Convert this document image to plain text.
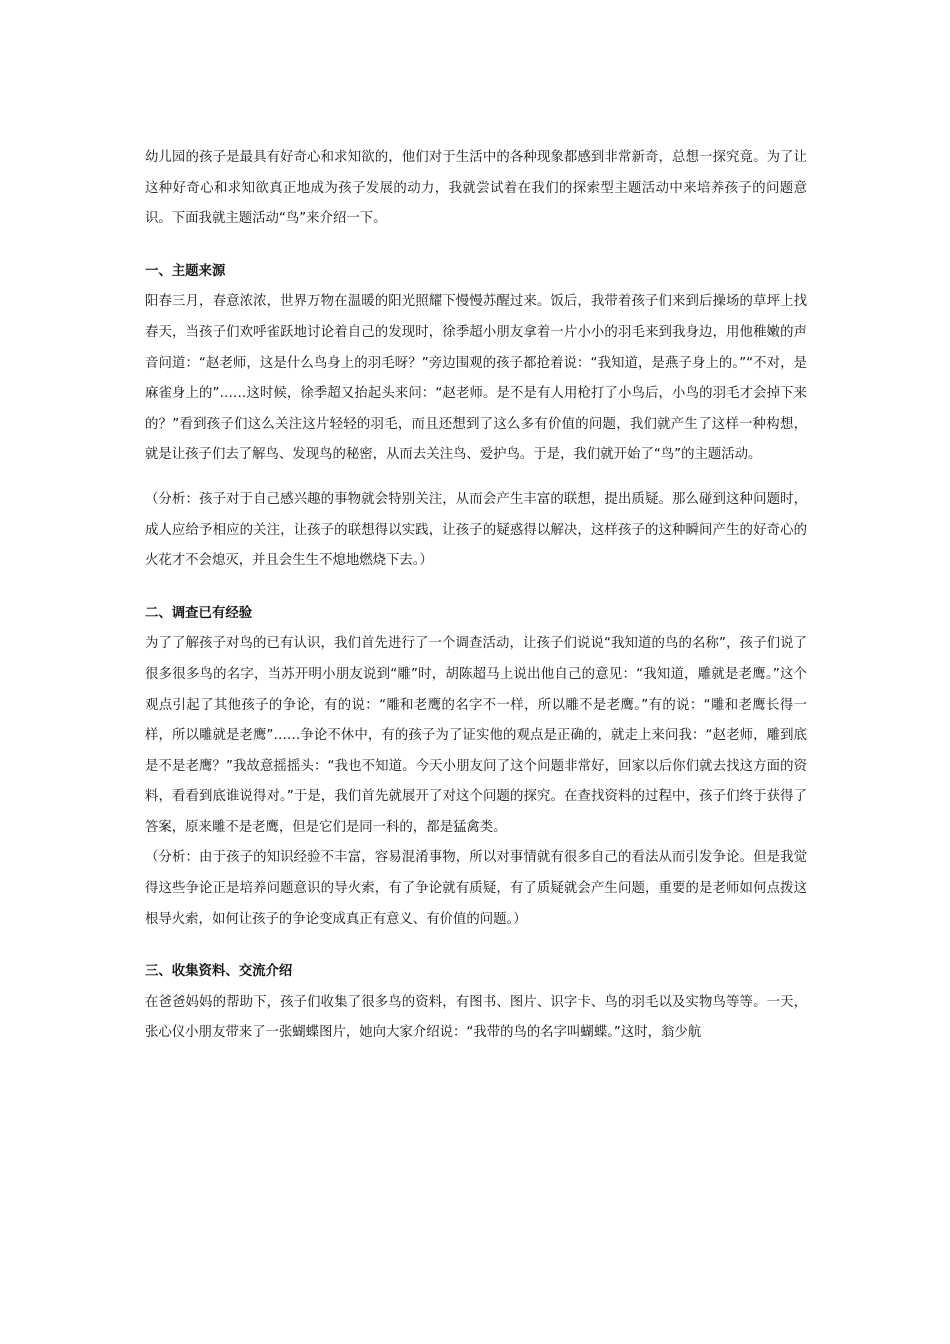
幼儿园的孩子是最具有好奇心和求知欲的，他们对于生活中的各种现象都感到非常新奇，总想一探究竟。为了让这种好奇心和求知欲真正地成为孩子发展的动力，我就尝试着在我们的探索型主题活动中来培养孩子的问题意识。下面我就主题活动“鸟”来介绍一下。

一、主题来源

阳春三月，春意浓浓，世界万物在温暖的阳光照耀下慢慢苏醒过来。饭后，我带着孩子们来到后操场的草坪上找春天，当孩子们欢呼雀跃地讨论着自己的发现时，徐季超小朋友拿着一片小小的羽毛来到我身边，用他稚嫩的声音问道：“赵老师，这是什么鸟身上的羽毛呀？”旁边围观的孩子都抢着说：“我知道，是燕子身上的。”“不对，是麻雀身上的”……这时候，徐季超又抬起头来问：“赵老师。是不是有人用枪打了小鸟后，小鸟的羽毛才会掉下来的？”看到孩子们这么关注这片轻轻的羽毛，而且还想到了这么多有价值的问题，我们就产生了这样一种构想，就是让孩子们去了解鸟、发现鸟的秘密，从而去关注鸟、爱护鸟。于是，我们就开始了“鸟”的主题活动。

（分析：孩子对于自己感兴趣的事物就会特别关注，从而会产生丰富的联想，提出质疑。那么碰到这种问题时，成人应给予相应的关注，让孩子的联想得以实践，让孩子的疑惑得以解决，这样孩子的这种瞬间产生的好奇心的火花才不会熄灭，并且会生生不熄地燃烧下去。）

二、调查已有经验

为了了解孩子对鸟的已有认识，我们首先进行了一个调查活动，让孩子们说说“我知道的鸟的名称”，孩子们说了很多很多鸟的名字，当苏开明小朋友说到“雕”时，胡陈超马上说出他自己的意见：“我知道，雕就是老鹰。”这个观点引起了其他孩子的争论，有的说：“雕和老鹰的名字不一样，所以雕不是老鹰。”有的说：“雕和老鹰长得一样，所以雕就是老鹰”……争论不休中，有的孩子为了证实他的观点是正确的，就走上来问我：“赵老师，雕到底是不是老鹰？”我故意摇摇头：“我也不知道。今天小朋友问了这个问题非常好，回家以后你们就去找这方面的资料，看看到底谁说得对。”于是，我们首先就展开了对这个问题的探究。在查找资料的过程中，孩子们终于获得了答案，原来雕不是老鹰，但是它们是同一科的，都是猛禽类。

（分析：由于孩子的知识经验不丰富，容易混淆事物，所以对事情就有很多自己的看法从而引发争论。但是我觉得这些争论正是培养问题意识的导火索，有了争论就有质疑，有了质疑就会产生问题，重要的是老师如何点拨这根导火索，如何让孩子的争论变成真正有意义、有价值的问题。）

三、收集资料、交流介绍

在爸爸妈妈的帮助下，孩子们收集了很多鸟的资料，有图书、图片、识字卡、鸟的羽毛以及实物鸟等等。一天，张心仪小朋友带来了一张蝴蝶图片，她向大家介绍说：“我带的鸟的名字叫蝴蝶。”这时，翁少航
